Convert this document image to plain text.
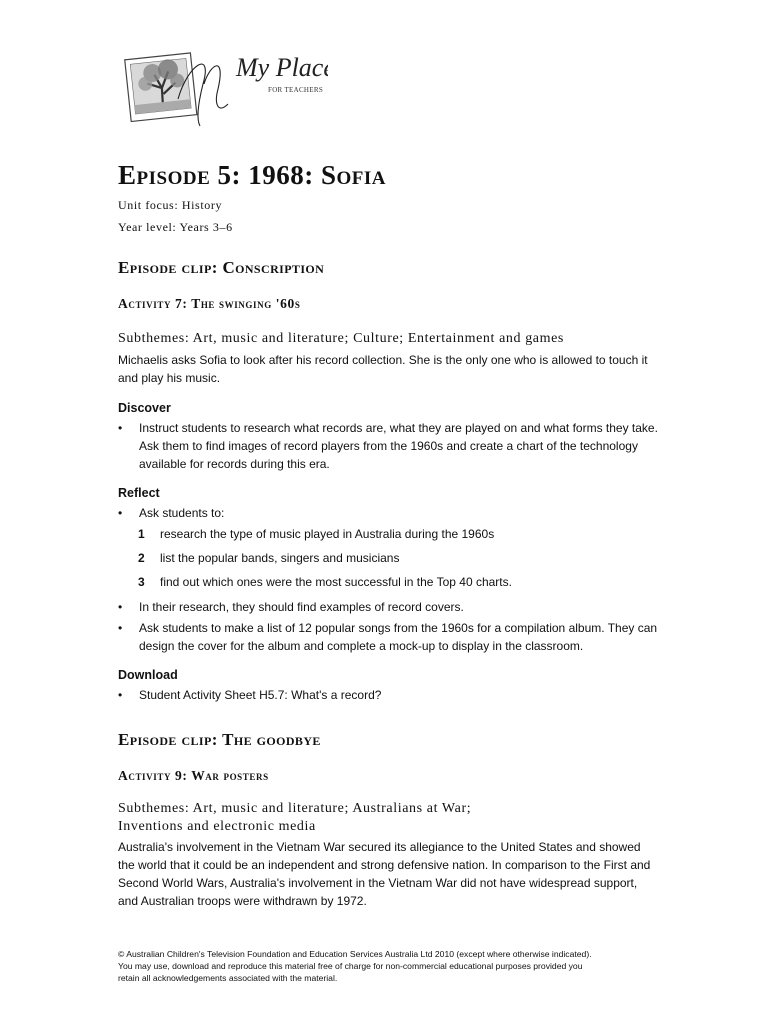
My Place
FOR TEACHERS
Episode 5: 1968: Sofia
Unit focus: History
Year level: Years 3–6
Episode clip: Conscription
Activity 7: The swinging '60s
Subthemes: Art, music and literature; Culture; Entertainment and games
Michaelis asks Sofia to look after his record collection. She is the only one who is allowed to touch it
and play his music.
Discover
• Instruct students to research what records are, what they are played on and what forms they take.
Ask them to find images of record players from the 1960s and create a chart of the technology
available for records during this era.
Reflect
• Ask students to:
1 research the type of music played in Australia during the 1960s
2 list the popular bands, singers and musicians
3 find out which ones were the most successful in the Top 40 charts.
• In their research, they should find examples of record covers.
• Ask students to make a list of 12 popular songs from the 1960s for a compilation album. They can
design the cover for the album and complete a mock-up to display in the classroom.
Download
• Student Activity Sheet H5.7: What's a record?
Episode clip: The goodbye
Activity 9: War posters
Subthemes: Art, music and literature; Australians at War;
Inventions and electronic media
Australia's involvement in the Vietnam War secured its allegiance to the United States and showed
the world that it could be an independent and strong defensive nation. In comparison to the First and
Second World Wars, Australia's involvement in the Vietnam War did not have widespread support,
and Australian troops were withdrawn by 1972.
© Australian Children's Television Foundation and Education Services Australia Ltd 2010 (except where otherwise indicated).
You may use, download and reproduce this material free of charge for non-commercial educational purposes provided you
retain all acknowledgements associated with the material.
